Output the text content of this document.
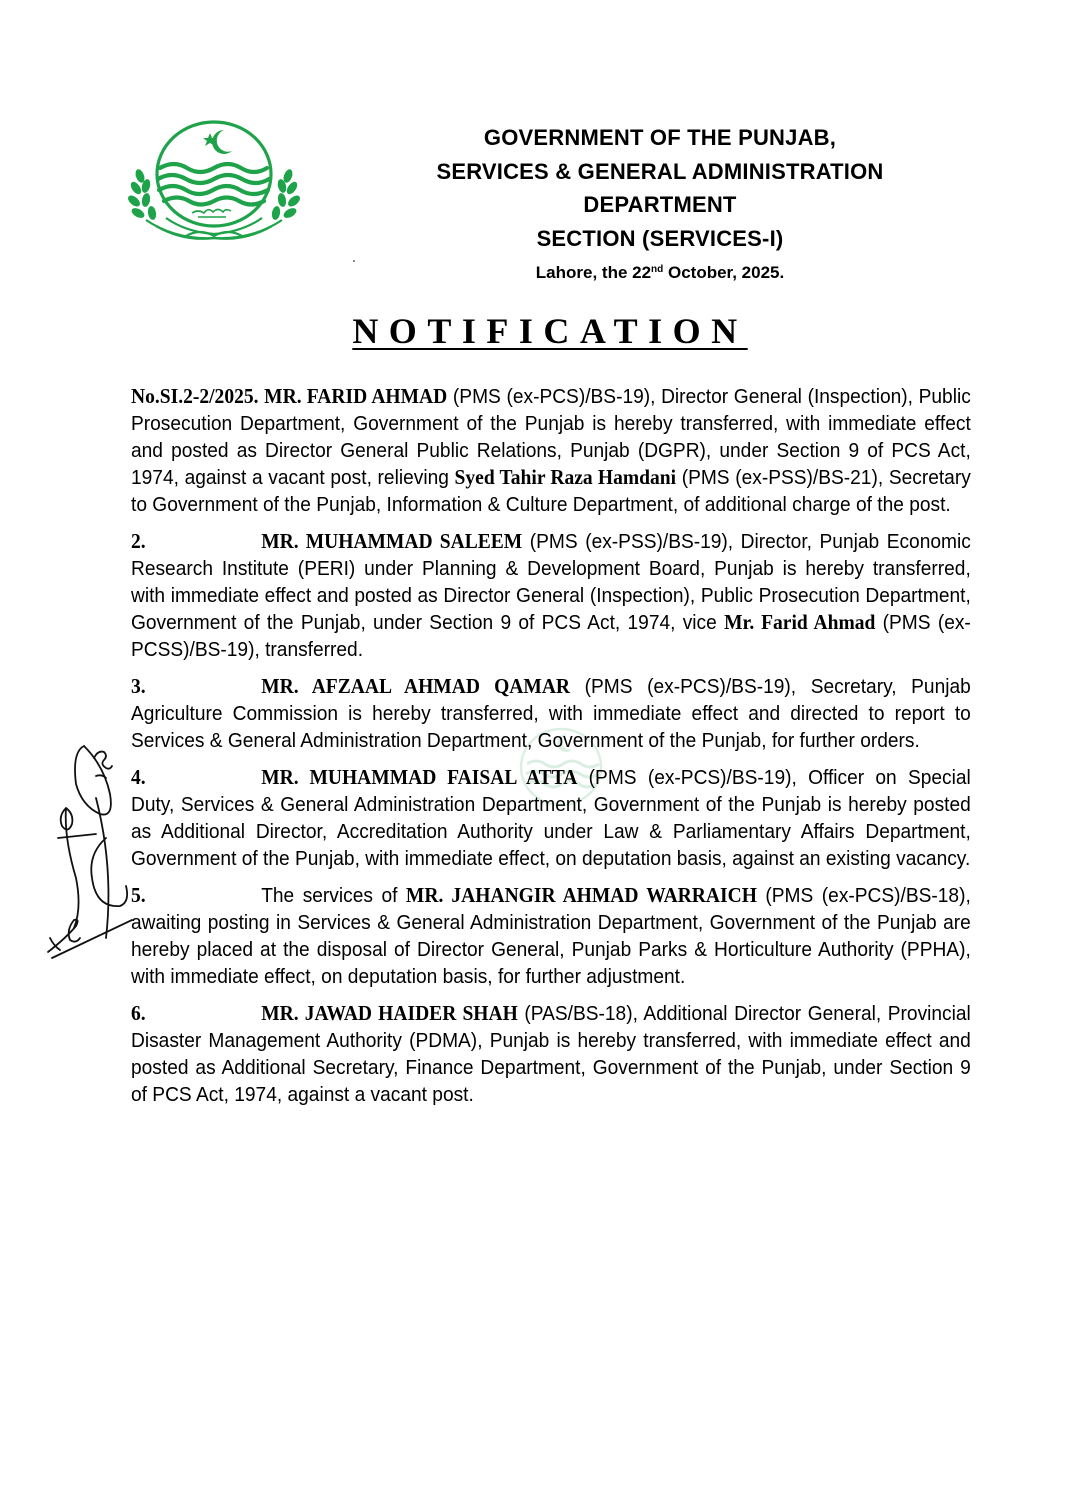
GOVERNMENT OF THE PUNJAB,
SERVICES & GENERAL ADMINISTRATION
DEPARTMENT
SECTION (SERVICES-I)
Lahore, the 22nd October, 2025.
NOTIFICATION

No.SI.2-2/2025. MR. FARID AHMAD (PMS (ex-PCS)/BS-19), Director General (Inspection), Public Prosecution Department, Government of the Punjab is hereby transferred, with immediate effect and posted as Director General Public Relations, Punjab (DGPR), under Section 9 of PCS Act, 1974, against a vacant post, relieving Syed Tahir Raza Hamdani (PMS (ex-PSS)/BS-21), Secretary to Government of the Punjab, Information & Culture Department, of additional charge of the post.

2.	MR. MUHAMMAD SALEEM (PMS (ex-PSS)/BS-19), Director, Punjab Economic Research Institute (PERI) under Planning & Development Board, Punjab is hereby transferred, with immediate effect and posted as Director General (Inspection), Public Prosecution Department, Government of the Punjab, under Section 9 of PCS Act, 1974, vice Mr. Farid Ahmad (PMS (ex-PCSS)/BS-19), transferred.

3.	MR. AFZAAL AHMAD QAMAR (PMS (ex-PCS)/BS-19), Secretary, Punjab Agriculture Commission is hereby transferred, with immediate effect and directed to report to Services & General Administration Department, Government of the Punjab, for further orders.

4.	MR. MUHAMMAD FAISAL ATTA (PMS (ex-PCS)/BS-19), Officer on Special Duty, Services & General Administration Department, Government of the Punjab is hereby posted as Additional Director, Accreditation Authority under Law & Parliamentary Affairs Department, Government of the Punjab, with immediate effect, on deputation basis, against an existing vacancy.

5.	The services of MR. JAHANGIR AHMAD WARRAICH (PMS (ex-PCS)/BS-18), awaiting posting in Services & General Administration Department, Government of the Punjab are hereby placed at the disposal of Director General, Punjab Parks & Horticulture Authority (PPHA), with immediate effect, on deputation basis, for further adjustment.

6.	MR. JAWAD HAIDER SHAH (PAS/BS-18), Additional Director General, Provincial Disaster Management Authority (PDMA), Punjab is hereby transferred, with immediate effect and posted as Additional Secretary, Finance Department, Government of the Punjab, under Section 9 of PCS Act, 1974, against a vacant post.
